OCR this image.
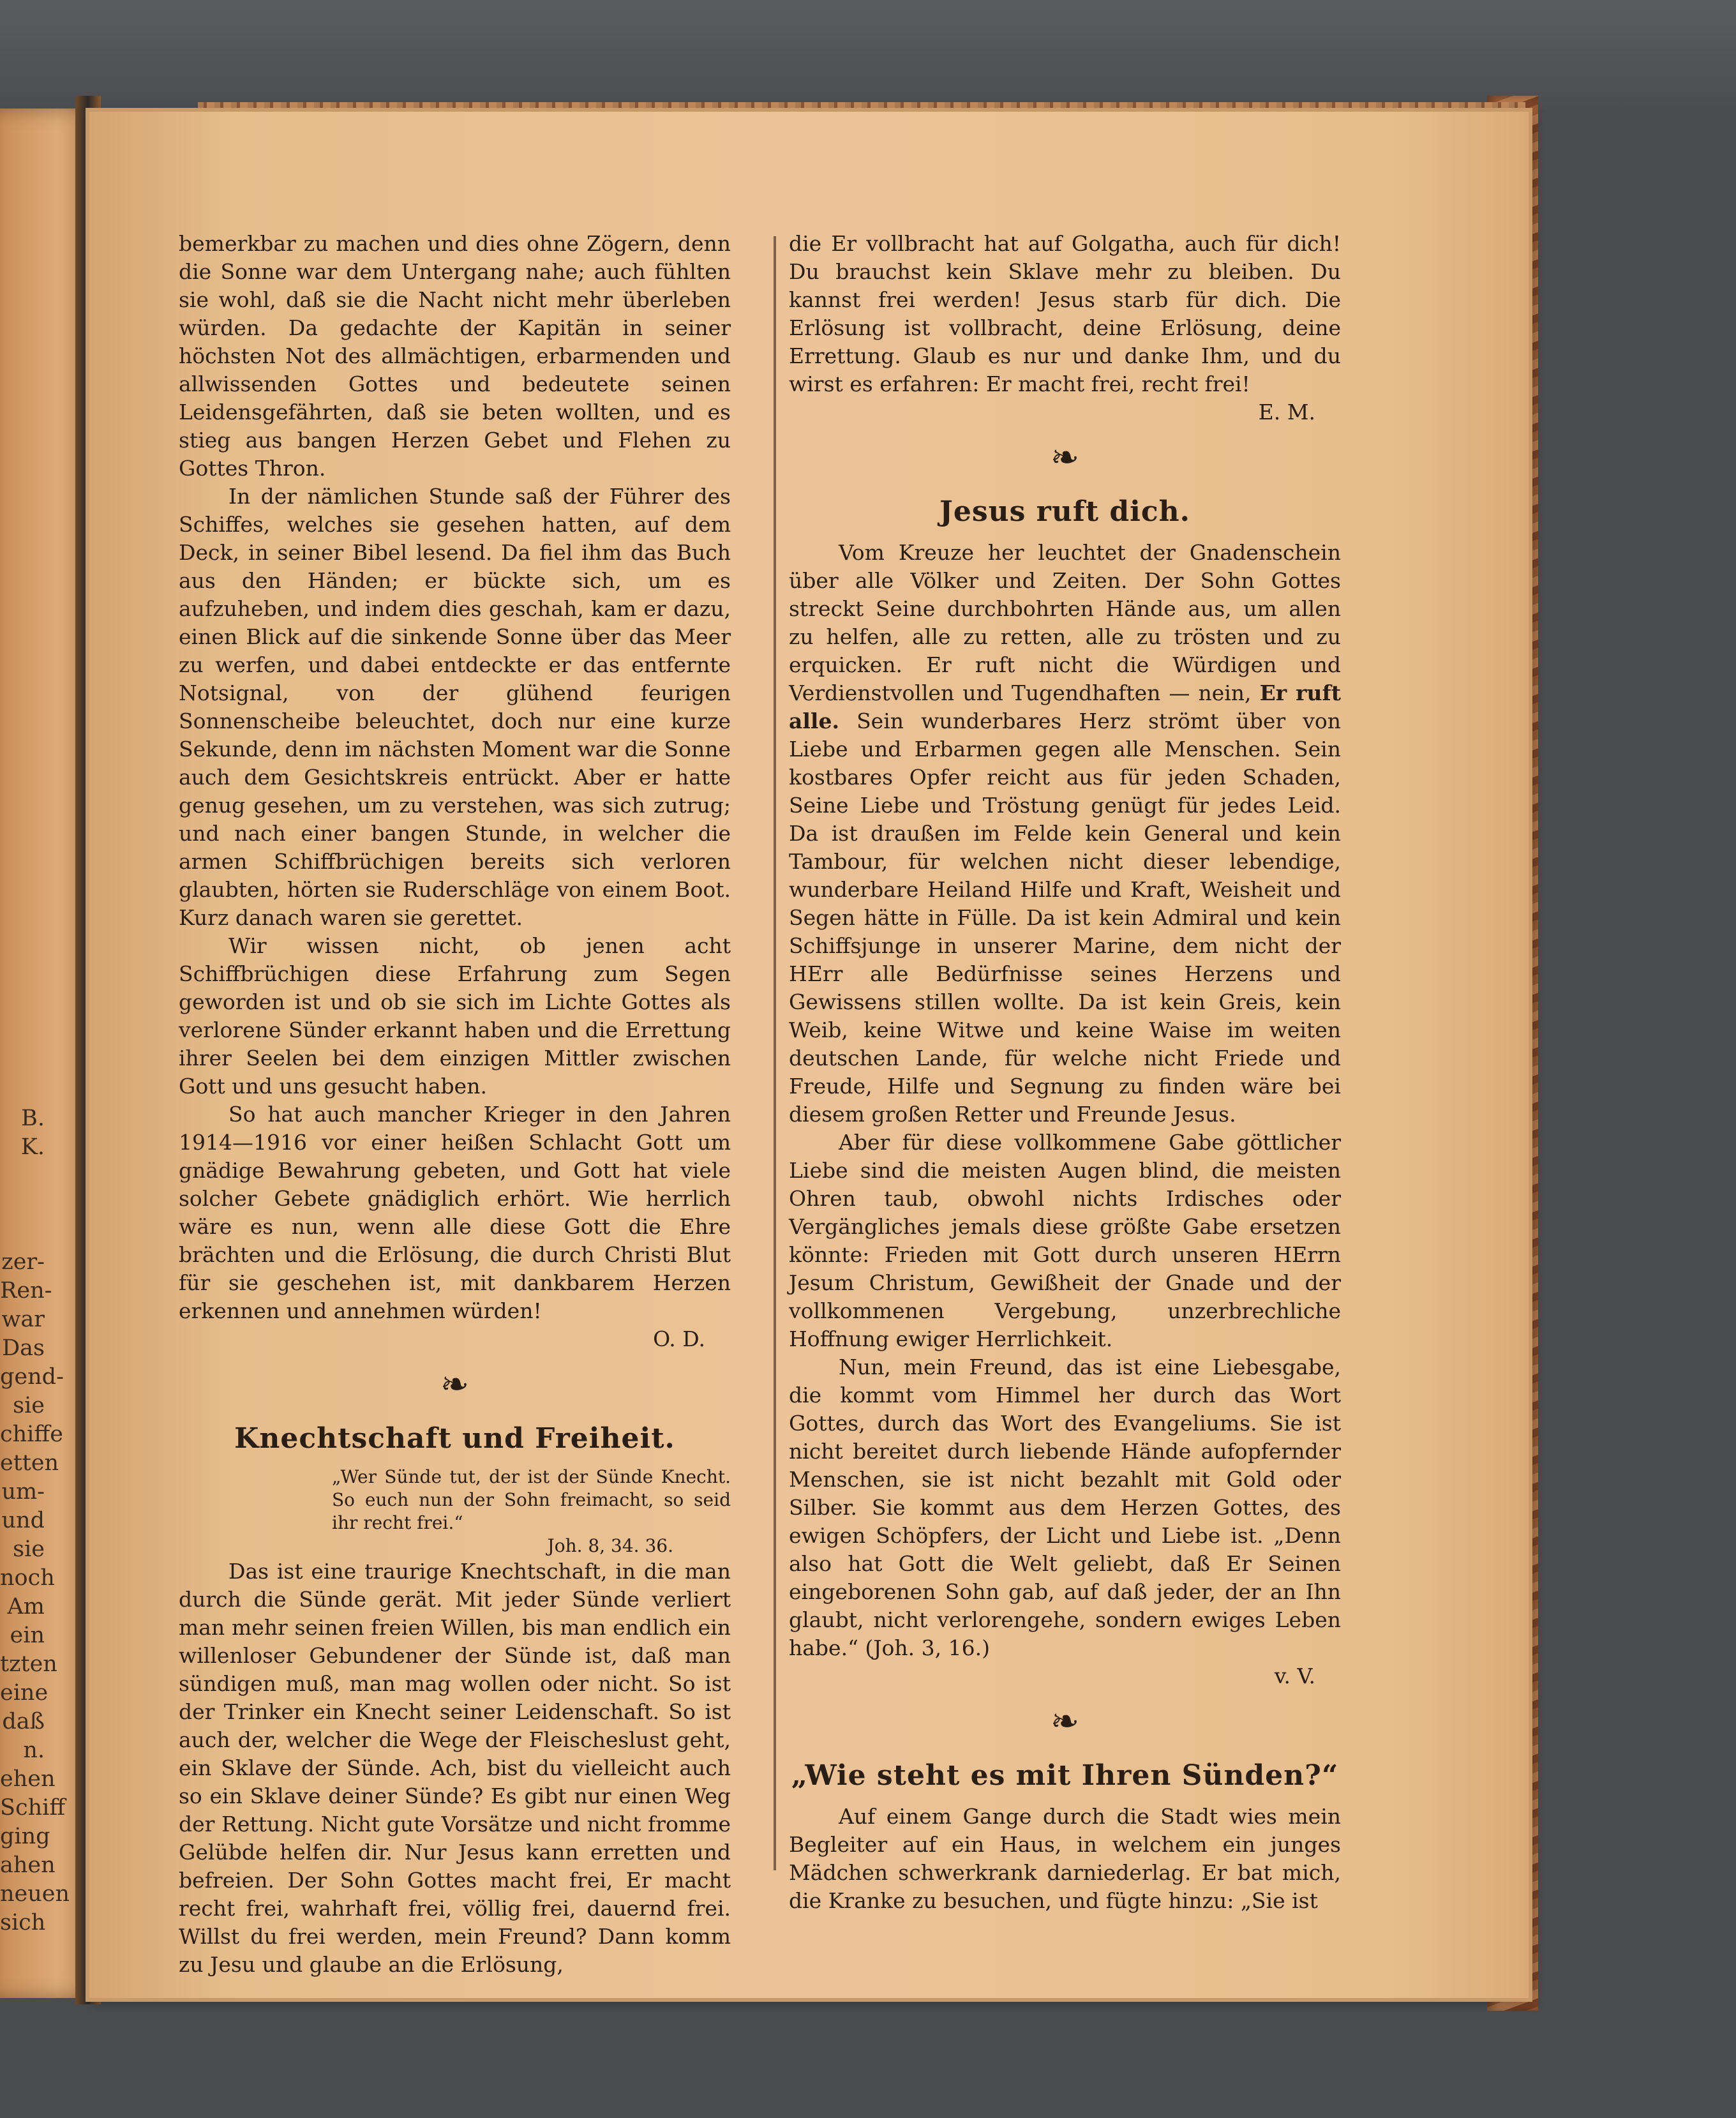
B. K.

zer-
Ren-
war
Das
gend-
sie
chiffe
etten
um-
und
sie
noch
Am
ein
tzten
eine
daß
n.
ehen
Schiff
ging
ahen
neuen
sich

bemerkbar zu machen und dies ohne Zögern, denn die Sonne war dem Untergang nahe; auch fühlten sie wohl, daß sie die Nacht nicht mehr überleben würden. Da gedachte der Kapitän in seiner höchsten Not des allmächtigen, erbarmenden und allwissenden Gottes und bedeutete seinen Leidensgefährten, daß sie beten wollten, und es stieg aus bangen Herzen Gebet und Flehen zu Gottes Thron.

In der nämlichen Stunde saß der Führer des Schiffes, welches sie gesehen hatten, auf dem Deck, in seiner Bibel lesend. Da fiel ihm das Buch aus den Händen; er bückte sich, um es aufzuheben, und indem dies geschah, kam er dazu, einen Blick auf die sinkende Sonne über das Meer zu werfen, und dabei entdeckte er das entfernte Notsignal, von der glühend feurigen Sonnenscheibe beleuchtet, doch nur eine kurze Sekunde, denn im nächsten Moment war die Sonne auch dem Gesichtskreis entrückt. Aber er hatte genug gesehen, um zu verstehen, was sich zutrug; und nach einer bangen Stunde, in welcher die armen Schiffbrüchigen bereits sich verloren glaubten, hörten sie Ruderschläge von einem Boot. Kurz danach waren sie gerettet.

Wir wissen nicht, ob jenen acht Schiffbrüchigen diese Erfahrung zum Segen geworden ist und ob sie sich im Lichte Gottes als verlorene Sünder erkannt haben und die Errettung ihrer Seelen bei dem einzigen Mittler zwischen Gott und uns gesucht haben.

So hat auch mancher Krieger in den Jahren 1914—1916 vor einer heißen Schlacht Gott um gnädige Bewahrung gebeten, und Gott hat viele solcher Gebete gnädiglich erhört. Wie herrlich wäre es nun, wenn alle diese Gott die Ehre brächten und die Erlösung, die durch Christi Blut für sie geschehen ist, mit dankbarem Herzen erkennen und annehmen würden!

O. D.

❧
Knechtschaft und Freiheit.

„Wer Sünde tut, der ist der Sünde Knecht. So euch nun der Sohn freimacht, so seid ihr recht frei.“

Joh. 8, 34. 36.

Das ist eine traurige Knechtschaft, in die man durch die Sünde gerät. Mit jeder Sünde verliert man mehr seinen freien Willen, bis man endlich ein willenloser Gebundener der Sünde ist, daß man sündigen muß, man mag wollen oder nicht. So ist der Trinker ein Knecht seiner Leidenschaft. So ist auch der, welcher die Wege der Fleischeslust geht, ein Sklave der Sünde. Ach, bist du vielleicht auch so ein Sklave deiner Sünde? Es gibt nur einen Weg der Rettung. Nicht gute Vorsätze und nicht fromme Gelübde helfen dir. Nur Jesus kann erretten und befreien. Der Sohn Gottes macht frei, Er macht recht frei, wahrhaft frei, völlig frei, dauernd frei. Willst du frei werden, mein Freund? Dann komm zu Jesu und glaube an die Erlösung,

die Er vollbracht hat auf Golgatha, auch für dich! Du brauchst kein Sklave mehr zu bleiben. Du kannst frei werden! Jesus starb für dich. Die Erlösung ist vollbracht, deine Erlösung, deine Errettung. Glaub es nur und danke Ihm, und du wirst es erfahren: Er macht frei, recht frei!

E. M.

❧
Jesus ruft dich.

Vom Kreuze her leuchtet der Gnadenschein über alle Völker und Zeiten. Der Sohn Gottes streckt Seine durchbohrten Hände aus, um allen zu helfen, alle zu retten, alle zu trösten und zu erquicken. Er ruft nicht die Würdigen und Verdienstvollen und Tugendhaften — nein, Er ruft alle. Sein wunderbares Herz strömt über von Liebe und Erbarmen gegen alle Menschen. Sein kostbares Opfer reicht aus für jeden Schaden, Seine Liebe und Tröstung genügt für jedes Leid. Da ist draußen im Felde kein General und kein Tambour, für welchen nicht dieser lebendige, wunderbare Heiland Hilfe und Kraft, Weisheit und Segen hätte in Fülle. Da ist kein Admiral und kein Schiffsjunge in unserer Marine, dem nicht der HErr alle Bedürfnisse seines Herzens und Gewissens stillen wollte. Da ist kein Greis, kein Weib, keine Witwe und keine Waise im weiten deutschen Lande, für welche nicht Friede und Freude, Hilfe und Segnung zu finden wäre bei diesem großen Retter und Freunde Jesus.

Aber für diese vollkommene Gabe göttlicher Liebe sind die meisten Augen blind, die meisten Ohren taub, obwohl nichts Irdisches oder Vergängliches jemals diese größte Gabe ersetzen könnte: Frieden mit Gott durch unseren HErrn Jesum Christum, Gewißheit der Gnade und der vollkommenen Vergebung, unzerbrechliche Hoffnung ewiger Herrlichkeit.

Nun, mein Freund, das ist eine Liebesgabe, die kommt vom Himmel her durch das Wort Gottes, durch das Wort des Evangeliums. Sie ist nicht bereitet durch liebende Hände aufopfernder Menschen, sie ist nicht bezahlt mit Gold oder Silber. Sie kommt aus dem Herzen Gottes, des ewigen Schöpfers, der Licht und Liebe ist. „Denn also hat Gott die Welt geliebt, daß Er Seinen eingeborenen Sohn gab, auf daß jeder, der an Ihn glaubt, nicht verlorengehe, sondern ewiges Leben habe.“ (Joh. 3, 16.)

v. V.

❧
„Wie steht es mit Ihren Sünden?“

Auf einem Gange durch die Stadt wies mein Begleiter auf ein Haus, in welchem ein junges Mädchen schwerkrank darniederlag. Er bat mich, die Kranke zu besuchen, und fügte hinzu: „Sie ist
